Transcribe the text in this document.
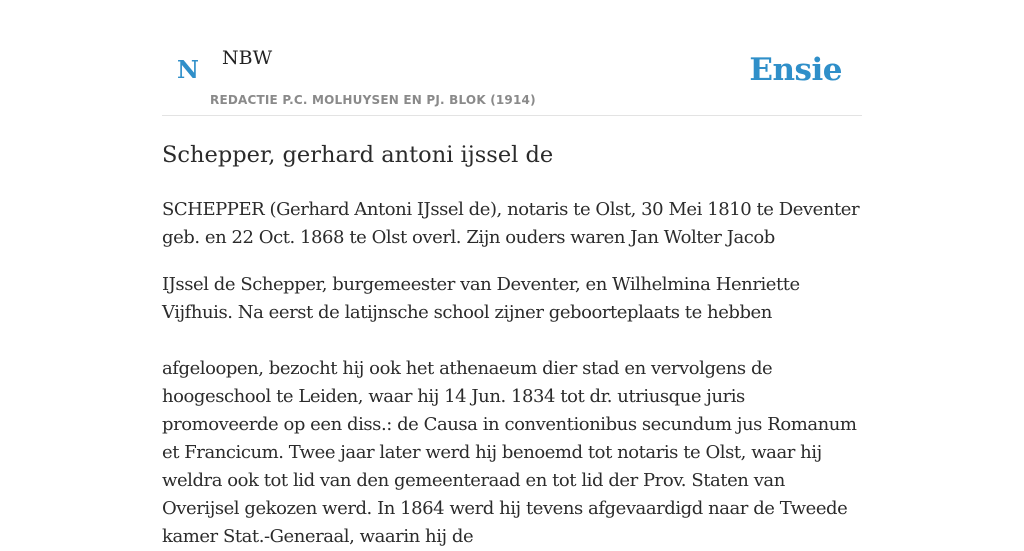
N NBW
REDACTIE P.C. MOLHUYSEN EN PJ. BLOK (1914)
Ensie
Schepper, gerhard antoni ijssel de

SCHEPPER (Gerhard Antoni IJssel de), notaris te Olst, 30 Mei 1810 te Deventer geb. en 22 Oct. 1868 te Olst overl. Zijn ouders waren Jan Wolter Jacob

IJssel de Schepper, burgemeester van Deventer, en Wilhelmina Henriette Vijfhuis. Na eerst de latijnsche school zijner geboorteplaats te hebben

afgeloopen, bezocht hij ook het athenaeum dier stad en vervolgens de hoogeschool te Leiden, waar hij 14 Jun. 1834 tot dr. utriusque juris promoveerde op een diss.: de Causa in conventionibus secundum jus Romanum et Francicum. Twee jaar later werd hij benoemd tot notaris te Olst, waar hij weldra ook tot lid van den gemeenteraad en tot lid der Prov. Staten van Overijsel gekozen werd. In 1864 werd hij tevens afgevaardigd naar de Tweede kamer Stat.-Generaal, waarin hij de
